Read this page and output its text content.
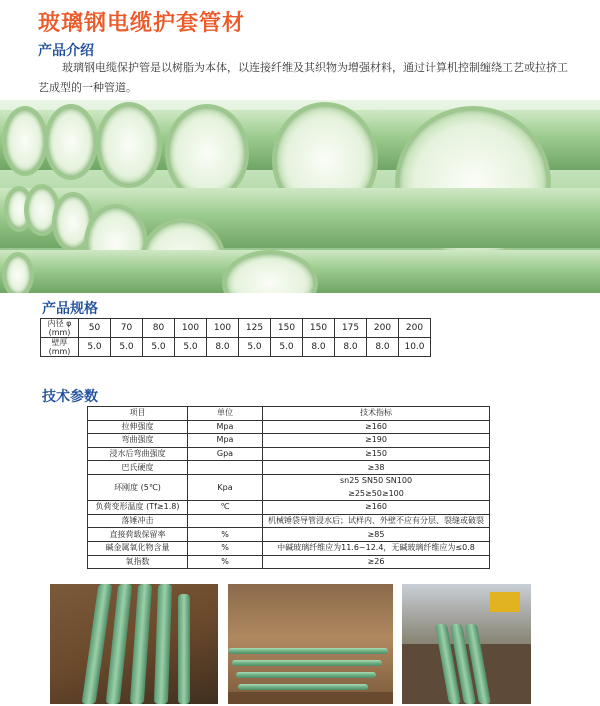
玻璃钢电缆护套管材
产品介绍
玻璃钢电缆保护管是以树脂为本体，以连接纤维及其织物为增强材料，通过计算机控制缠绕工艺或拉挤工艺成型的一种管道。
产品规格
内径 φ (mm)	50	70	80	100	100	125	150	150	175	200	200
壁厚 (mm)	5.0	5.0	5.0	5.0	8.0	5.0	5.0	8.0	8.0	8.0	10.0
技术参数
项目	单位	技术指标
拉伸强度	Mpa	≥160
弯曲强度	Mpa	≥190
浸水后弯曲强度	Gpa	≥150
巴氏硬度		≥38
环刚度 (5℃)	Kpa	sn25 SN50 SN100
		≥25≥50≥100
负荷变形温度 (Tf≥1.8)	℃	≥160
落锤冲击		机械锤袋导管浸水后；试样内、外壁不应有分层、裂缝或破裂
直接荷载保留率	%	≥85
碱金属氧化物含量	%	中碱玻璃纤维应为11.6~12.4，无碱玻璃纤维应为≤0.8
氧指数	%	≥26
